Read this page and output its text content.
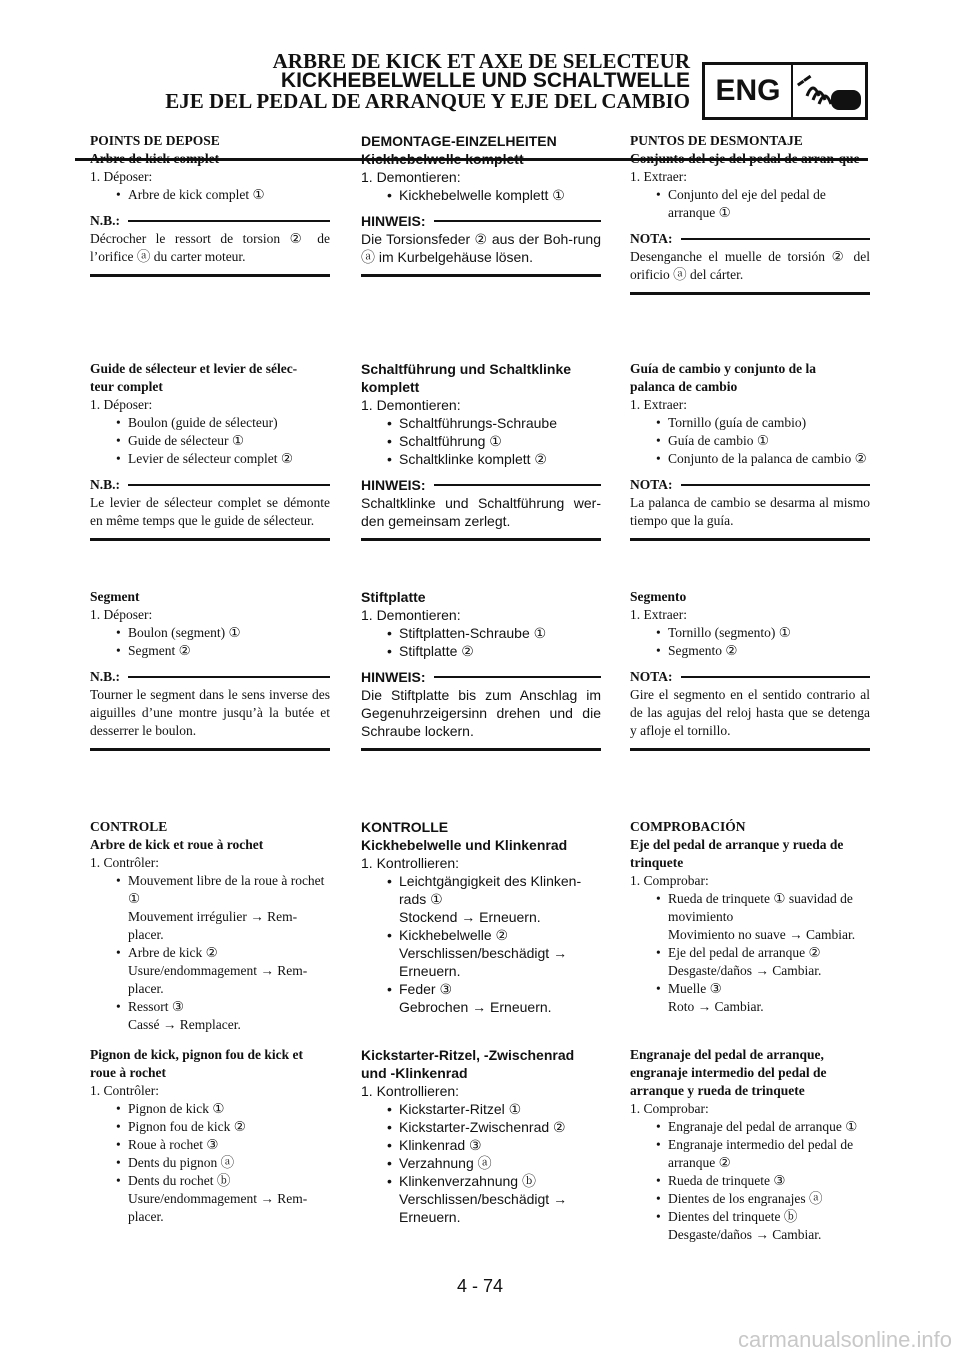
ARBRE DE KICK ET AXE DE SELECTEUR
KICKHEBELWELLE UND SCHALTWELLE
EJE DEL PEDAL DE ARRANQUE Y EJE DEL CAMBIO ENG
POINTS DE DEPOSE
Arbre de kick complet
1. Déposer:
• Arbre de kick complet ①
N.B.:
Décrocher le ressort de torsion ② de l’orifice ⓐ du carter moteur.
Guide de sélecteur et levier de sélec-
teur complet
1. Déposer:
• Boulon (guide de sélecteur)
• Guide de sélecteur ①
• Levier de sélecteur complet ②
N.B.:
Le levier de sélecteur complet se démonte en même temps que le guide de sélecteur.
Segment
1. Déposer:
• Boulon (segment) ①
• Segment ②
N.B.:
Tourner le segment dans le sens inverse des aiguilles d’une montre jusqu’à la butée et desserrer le boulon.
CONTROLE
Arbre de kick et roue à rochet
1. Contrôler:
• Mouvement libre de la roue à rochet ①
Mouvement irrégulier → Rem-placer.
• Arbre de kick ②
Usure/endommagement → Rem-placer.
• Ressort ③
Cassé → Remplacer.
Pignon de kick, pignon fou de kick et
roue à rochet
1. Contrôler:
• Pignon de kick ①
• Pignon fou de kick ②
• Roue à rochet ③
• Dents du pignon ⓐ
• Dents du rochet ⓑ
Usure/endommagement → Rem-placer.
DEMONTAGE-EINZELHEITEN
Kickhebelwelle komplett
1. Demontieren:
• Kickhebelwelle komplett ①
HINWEIS:
Die Torsionsfeder ② aus der Boh-rung ⓐ im Kurbelgehäuse lösen.
Schaltführung und Schaltklinke
komplett
1. Demontieren:
• Schaltführungs-Schraube
• Schaltführung ①
• Schaltklinke komplett ②
HINWEIS:
Schaltklinke und Schaltführung wer-den gemeinsam zerlegt.
Stiftplatte
1. Demontieren:
• Stiftplatten-Schraube ①
• Stiftplatte ②
HINWEIS:
Die Stiftplatte bis zum Anschlag im Gegenuhrzeigersinn drehen und die Schraube lockern.
KONTROLLE
Kickhebelwelle und Klinkenrad
1. Kontrollieren:
• Leichtgängigkeit des Klinken-rads ①
Stockend → Erneuern.
• Kickhebelwelle ②
Verschlissen/beschädigt → Erneuern.
• Feder ③
Gebrochen → Erneuern.
Kickstarter-Ritzel, -Zwischenrad
und -Klinkenrad
1. Kontrollieren:
• Kickstarter-Ritzel ①
• Kickstarter-Zwischenrad ②
• Klinkenrad ③
• Verzahnung ⓐ
• Klinkenverzahnung ⓑ
Verschlissen/beschädigt → Erneuern.
PUNTOS DE DESMONTAJE
Conjunto del eje del pedal de arran-que
1. Extraer:
• Conjunto del eje del pedal de arranque ①
NOTA:
Desenganche el muelle de torsión ② del orificio ⓐ del cárter.
Guía de cambio y conjunto de la
palanca de cambio
1. Extraer:
• Tornillo (guía de cambio)
• Guía de cambio ①
• Conjunto de la palanca de cambio ②
NOTA:
La palanca de cambio se desarma al mismo tiempo que la guía.
Segmento
1. Extraer:
• Tornillo (segmento) ①
• Segmento ②
NOTA:
Gire el segmento en el sentido contrario al de las agujas del reloj hasta que se detenga y afloje el tornillo.
COMPROBACIÓN
Eje del pedal de arranque y rueda de trinquete
1. Comprobar:
• Rueda de trinquete ① suavidad de movimiento
Movimiento no suave → Cambiar.
• Eje del pedal de arranque ②
Desgaste/daños → Cambiar.
• Muelle ③
Roto → Cambiar.
Engranaje del pedal de arranque,
engranaje intermedio del pedal de arranque y rueda de trinquete
1. Comprobar:
• Engranaje del pedal de arranque ①
• Engranaje intermedio del pedal de arranque ②
• Rueda de trinquete ③
• Dientes de los engranajes ⓐ
• Dientes del trinquete ⓑ
Desgaste/daños → Cambiar.
4 - 74
carmanualsonline.info
